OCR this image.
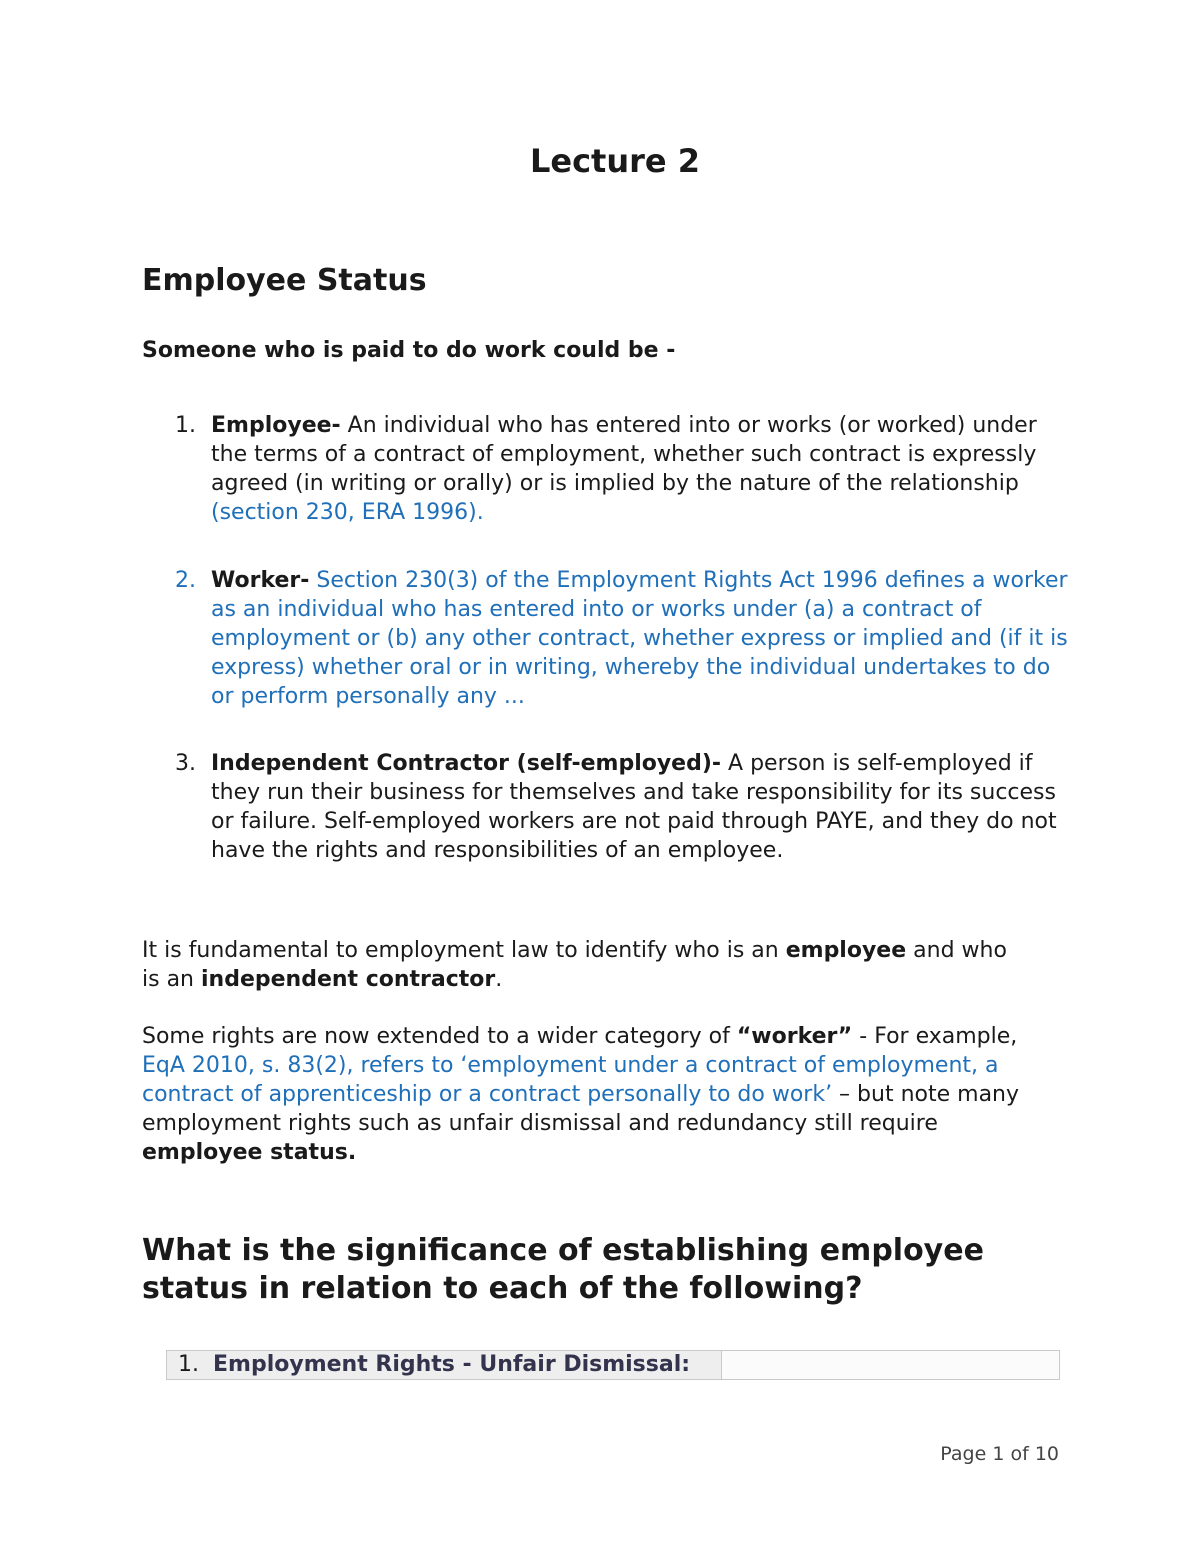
Lecture 2
Employee Status
Someone who is paid to do work could be -
1. Employee- An individual who has entered into or works (or worked) under the terms of a contract of employment, whether such contract is expressly agreed (in writing or orally) or is implied by the nature of the relationship (section 230, ERA 1996).
2. Worker- Section 230(3) of the Employment Rights Act 1996 defines a worker as an individual who has entered into or works under (a) a contract of employment or (b) any other contract, whether express or implied and (if it is express) whether oral or in writing, whereby the individual undertakes to do or perform personally any ...
3. Independent Contractor (self-employed)- A person is self-employed if they run their business for themselves and take responsibility for its success or failure. Self-employed workers are not paid through PAYE, and they do not have the rights and responsibilities of an employee.
It is fundamental to employment law to identify who is an employee and who is an independent contractor.
Some rights are now extended to a wider category of “worker” - For example, EqA 2010, s. 83(2), refers to ‘employment under a contract of employment, a contract of apprenticeship or a contract personally to do work’ – but note many employment rights such as unfair dismissal and redundancy still require employee status.
What is the significance of establishing employee status in relation to each of the following?
1. Employment Rights - Unfair Dismissal:
Page 1 of 10
